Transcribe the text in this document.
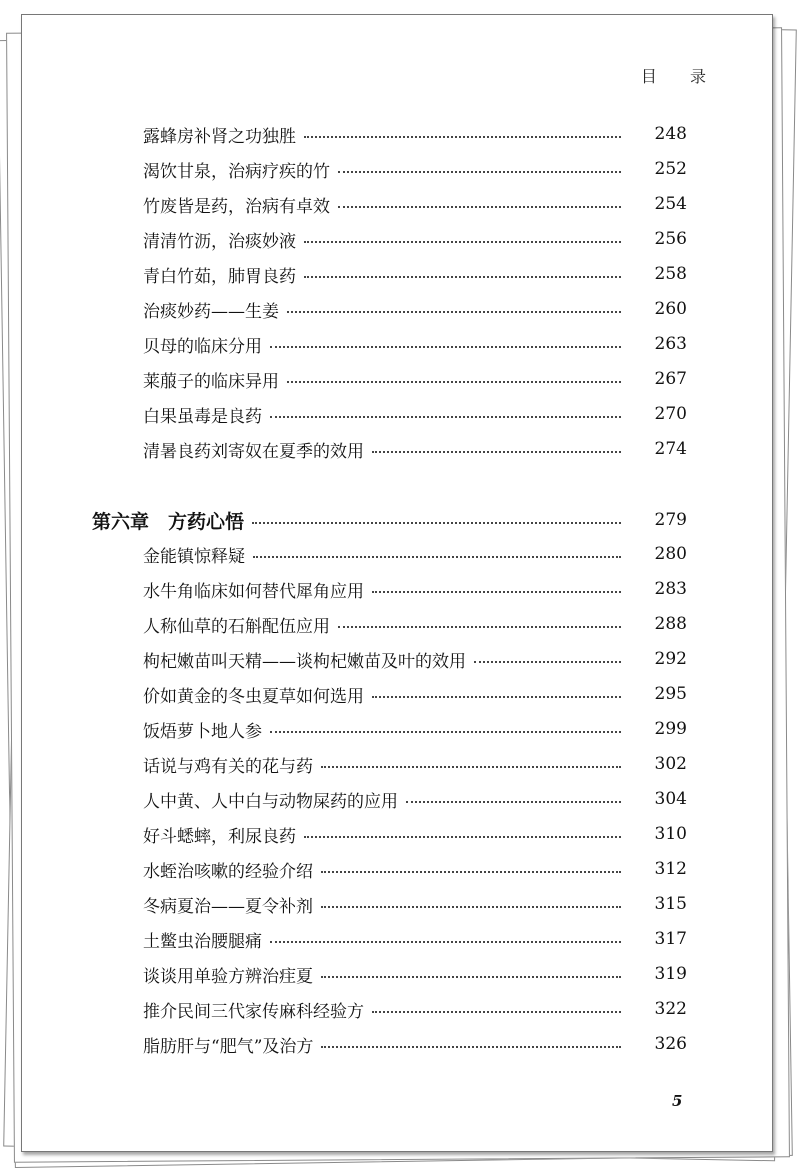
目 录
露蜂房补肾之功独胜	248
渴饮甘泉，治病疗疾的竹	252
竹废皆是药，治病有卓效	254
清清竹沥，治痰妙液	256
青白竹茹，肺胃良药	258
治痰妙药——生姜	260
贝母的临床分用	263
莱菔子的临床异用	267
白果虽毒是良药	270
清暑良药刘寄奴在夏季的效用	274
第六章　方药心悟	279
金能镇惊释疑	280
水牛角临床如何替代犀角应用	283
人称仙草的石斛配伍应用	288
枸杞嫩苗叫天精——谈枸杞嫩苗及叶的效用	292
价如黄金的冬虫夏草如何选用	295
饭焐萝卜地人参	299
话说与鸡有关的花与药	302
人中黄、人中白与动物屎药的应用	304
好斗蟋蟀，利尿良药	310
水蛭治咳嗽的经验介绍	312
冬病夏治——夏令补剂	315
土鳖虫治腰腿痛	317
谈谈用单验方辨治疰夏	319
推介民间三代家传麻科经验方	322
脂肪肝与“肥气”及治方	326
5
